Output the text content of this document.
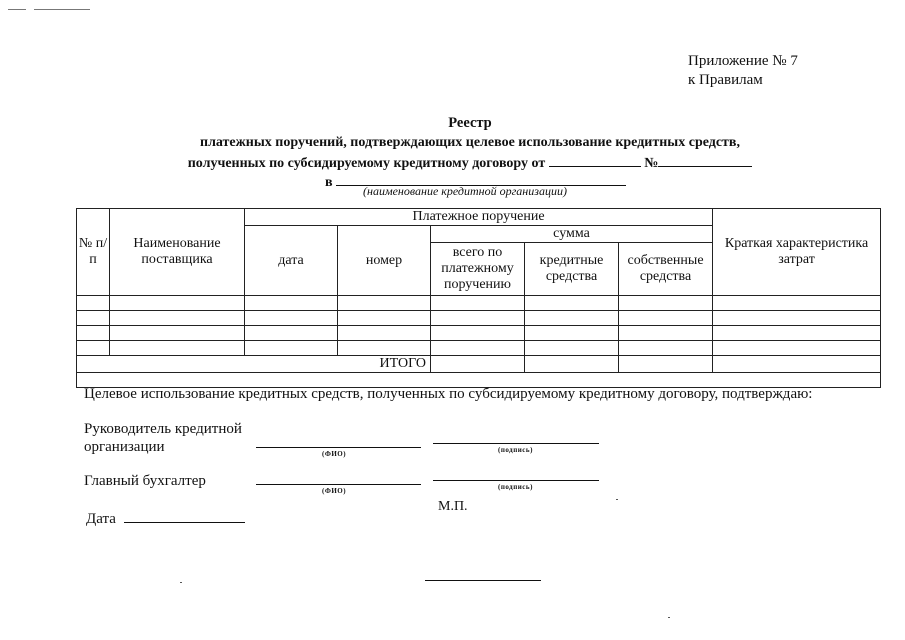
Приложение № 7
к Правилам
Реестр
платежных поручений, подтверждающих целевое использование кредитных средств,
полученных по субсидируемому кредитному договору от	№
в
(наименование кредитной организации)
№ п/п	Наименование поставщика	Платежное поручение					Краткая характеристика затрат
		дата	номер	сумма			
				всего по платежному поручению	кредитные средства	собственные средства	

ИТОГО							

Целевое использование кредитных средств, полученных по субсидируемому кредитному договору, подтверждаю:
Руководитель кредитной
организации	(ФИО)	(подпись)
Главный бухгалтер
(ФИО)	(подпись)
М.П.
Дата
